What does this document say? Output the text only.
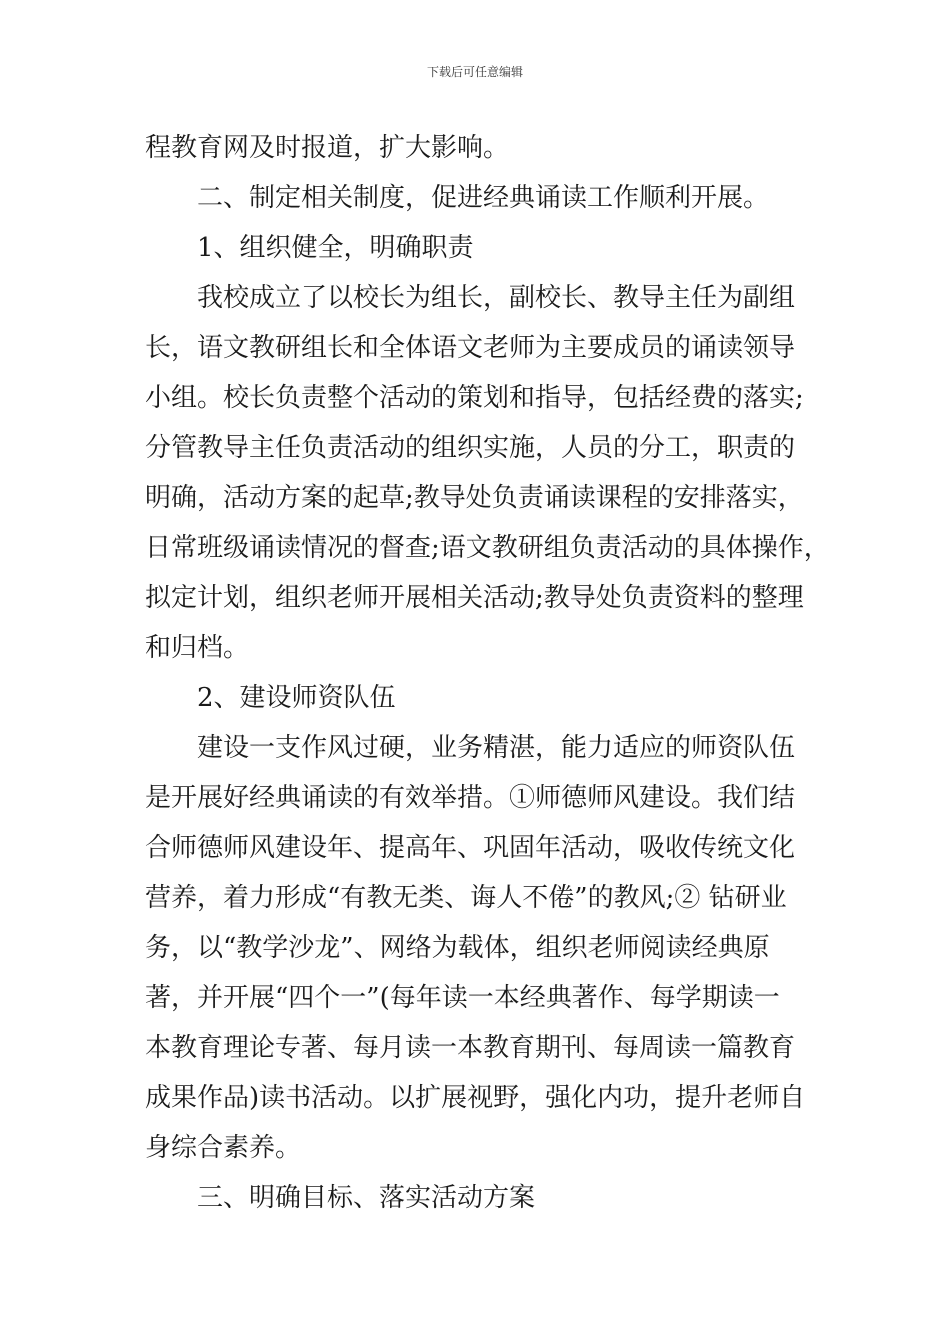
下载后可任意编辑
程教育网及时报道，扩大影响。
二、制定相关制度，促进经典诵读工作顺利开展。
1、组织健全，明确职责
我校成立了以校长为组长，副校长、教导主任为副组
长，语文教研组长和全体语文老师为主要成员的诵读领导
小组。校长负责整个活动的策划和指导，包括经费的落实;
分管教导主任负责活动的组织实施，人员的分工，职责的
明确，活动方案的起草;教导处负责诵读课程的安排落实，
日常班级诵读情况的督查;语文教研组负责活动的具体操作，
拟定计划，组织老师开展相关活动;教导处负责资料的整理
和归档。
2、建设师资队伍
建设一支作风过硬，业务精湛，能力适应的师资队伍
是开展好经典诵读的有效举措。①师德师风建设。我们结
合师德师风建设年、提高年、巩固年活动，吸收传统文化
营养，着力形成“有教无类、诲人不倦”的教风;② 钻研业
务，以“教学沙龙”、网络为载体，组织老师阅读经典原
著，并开展“四个一”(每年读一本经典著作、每学期读一
本教育理论专著、每月读一本教育期刊、每周读一篇教育
成果作品)读书活动。以扩展视野，强化内功，提升老师自
身综合素养。
三、明确目标、落实活动方案
